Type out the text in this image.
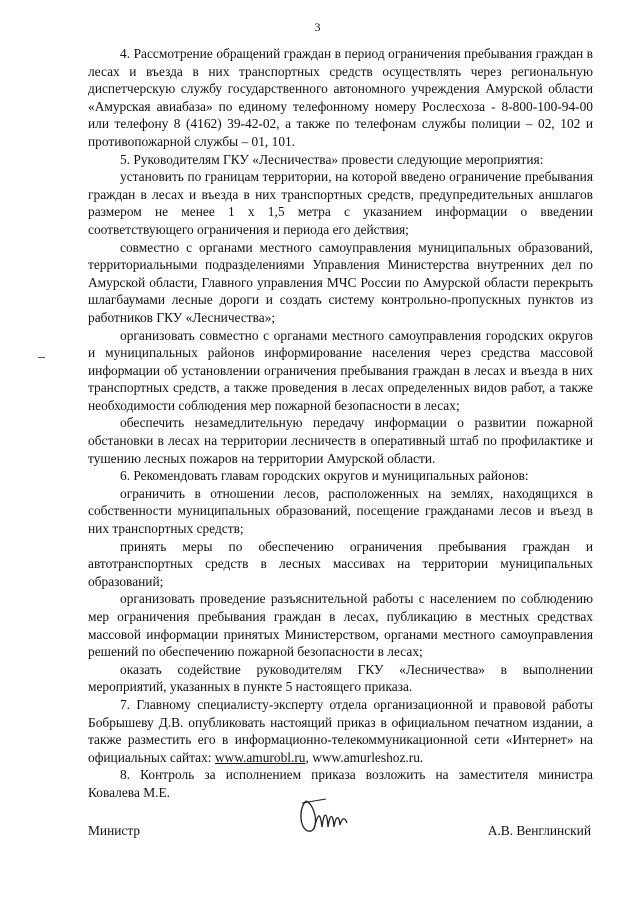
3

4. Рассмотрение обращений граждан в период ограничения пребывания граждан в лесах и въезда в них транспортных средств осуществлять через региональную диспетчерскую службу государственного автономного учреждения Амурской области «Амурская авиабаза» по единому телефонному номеру Рослесхоза - 8-800-100-94-00 или телефону 8 (4162) 39-42-02, а также по телефонам службы полиции – 02, 102 и противопожарной службы – 01, 101.

5. Руководителям ГКУ «Лесничества» провести следующие мероприятия:

установить по границам территории, на которой введено ограничение пребывания граждан в лесах и въезда в них транспортных средств, предупредительных аншлагов размером не менее 1 х 1,5 метра с указанием информации о введении соответствующего ограничения и периода его действия;

совместно с органами местного самоуправления муниципальных образований, территориальными подразделениями Управления Министерства внутренних дел по Амурской области, Главного управления МЧС России по Амурской области перекрыть шлагбаумами лесные дороги и создать систему контрольно-пропускных пунктов из работников ГКУ «Лесничества»;

организовать совместно с органами местного самоуправления городских округов и муниципальных районов информирование населения через средства массовой информации об установлении ограничения пребывания граждан в лесах и въезда в них транспортных средств, а также проведения в лесах определенных видов работ, а также необходимости соблюдения мер пожарной безопасности в лесах;

обеспечить незамедлительную передачу информации о развитии пожарной обстановки в лесах на территории лесничеств в оперативный штаб по профилактике и тушению лесных пожаров на территории Амурской области.

6. Рекомендовать главам городских округов и муниципальных районов:

ограничить в отношении лесов, расположенных на землях, находящихся в собственности муниципальных образований, посещение гражданами лесов и въезд в них транспортных средств;

принять меры по обеспечению ограничения пребывания граждан и автотранспортных средств в лесных массивах на территории муниципальных образований;

организовать проведение разъяснительной работы с населением по соблюдению мер ограничения пребывания граждан в лесах, публикацию в местных средствах массовой информации принятых Министерством, органами местного самоуправления решений по обеспечению пожарной безопасности в лесах;

оказать содействие руководителям ГКУ «Лесничества» в выполнении мероприятий, указанных в пункте 5 настоящего приказа.

7. Главному специалисту-эксперту отдела организационной и правовой работы Бобрышеву Д.В. опубликовать настоящий приказ в официальном печатном издании, а также разместить его в информационно-телекоммуникационной сети «Интернет» на официальных сайтах: www.amurobl.ru, www.amurleshoz.ru.

8. Контроль за исполнением приказа возложить на заместителя министра Ковалева М.Е.

Министр	А.В. Венглинский
